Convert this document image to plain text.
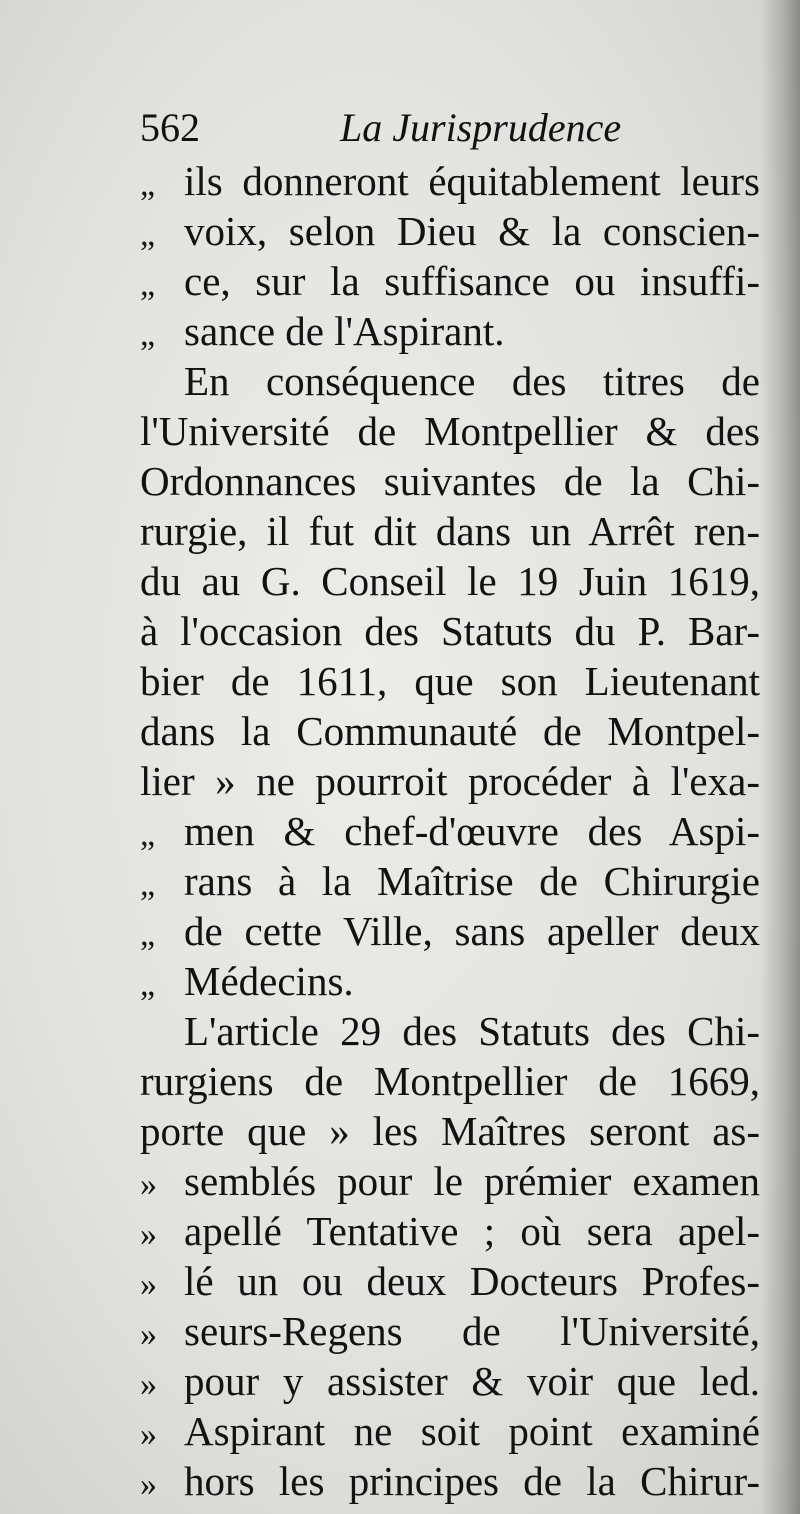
562	La Jurisprudence
„ ils donneront équitablement leurs
„ voix, selon Dieu & la conscien-
„ ce, sur la suffisance ou insuffi-
„ sance de l'Aspirant.
En conséquence des titres de
l'Université de Montpellier & des
Ordonnances suivantes de la Chi-
rurgie, il fut dit dans un Arrêt ren-
du au G. Conseil le 19 Juin 1619,
à l'occasion des Statuts du P. Bar-
bier de 1611, que son Lieutenant
dans la Communauté de Montpel-
lier » ne pourroit procéder à l'exa-
„ men & chef-d'œuvre des Aspi-
„ rans à la Maîtrise de Chirurgie
„ de cette Ville, sans apeller deux
„ Médecins.
L'article 29 des Statuts des Chi-
rurgiens de Montpellier de 1669,
porte que » les Maîtres seront as-
» semblés pour le prémier examen
» apellé Tentative ; où sera apel-
» lé un ou deux Docteurs Profes-
» seurs-Regens de l'Université,
» pour y assister & voir que led.
» Aspirant ne soit point examiné
» hors les principes de la Chirur-
